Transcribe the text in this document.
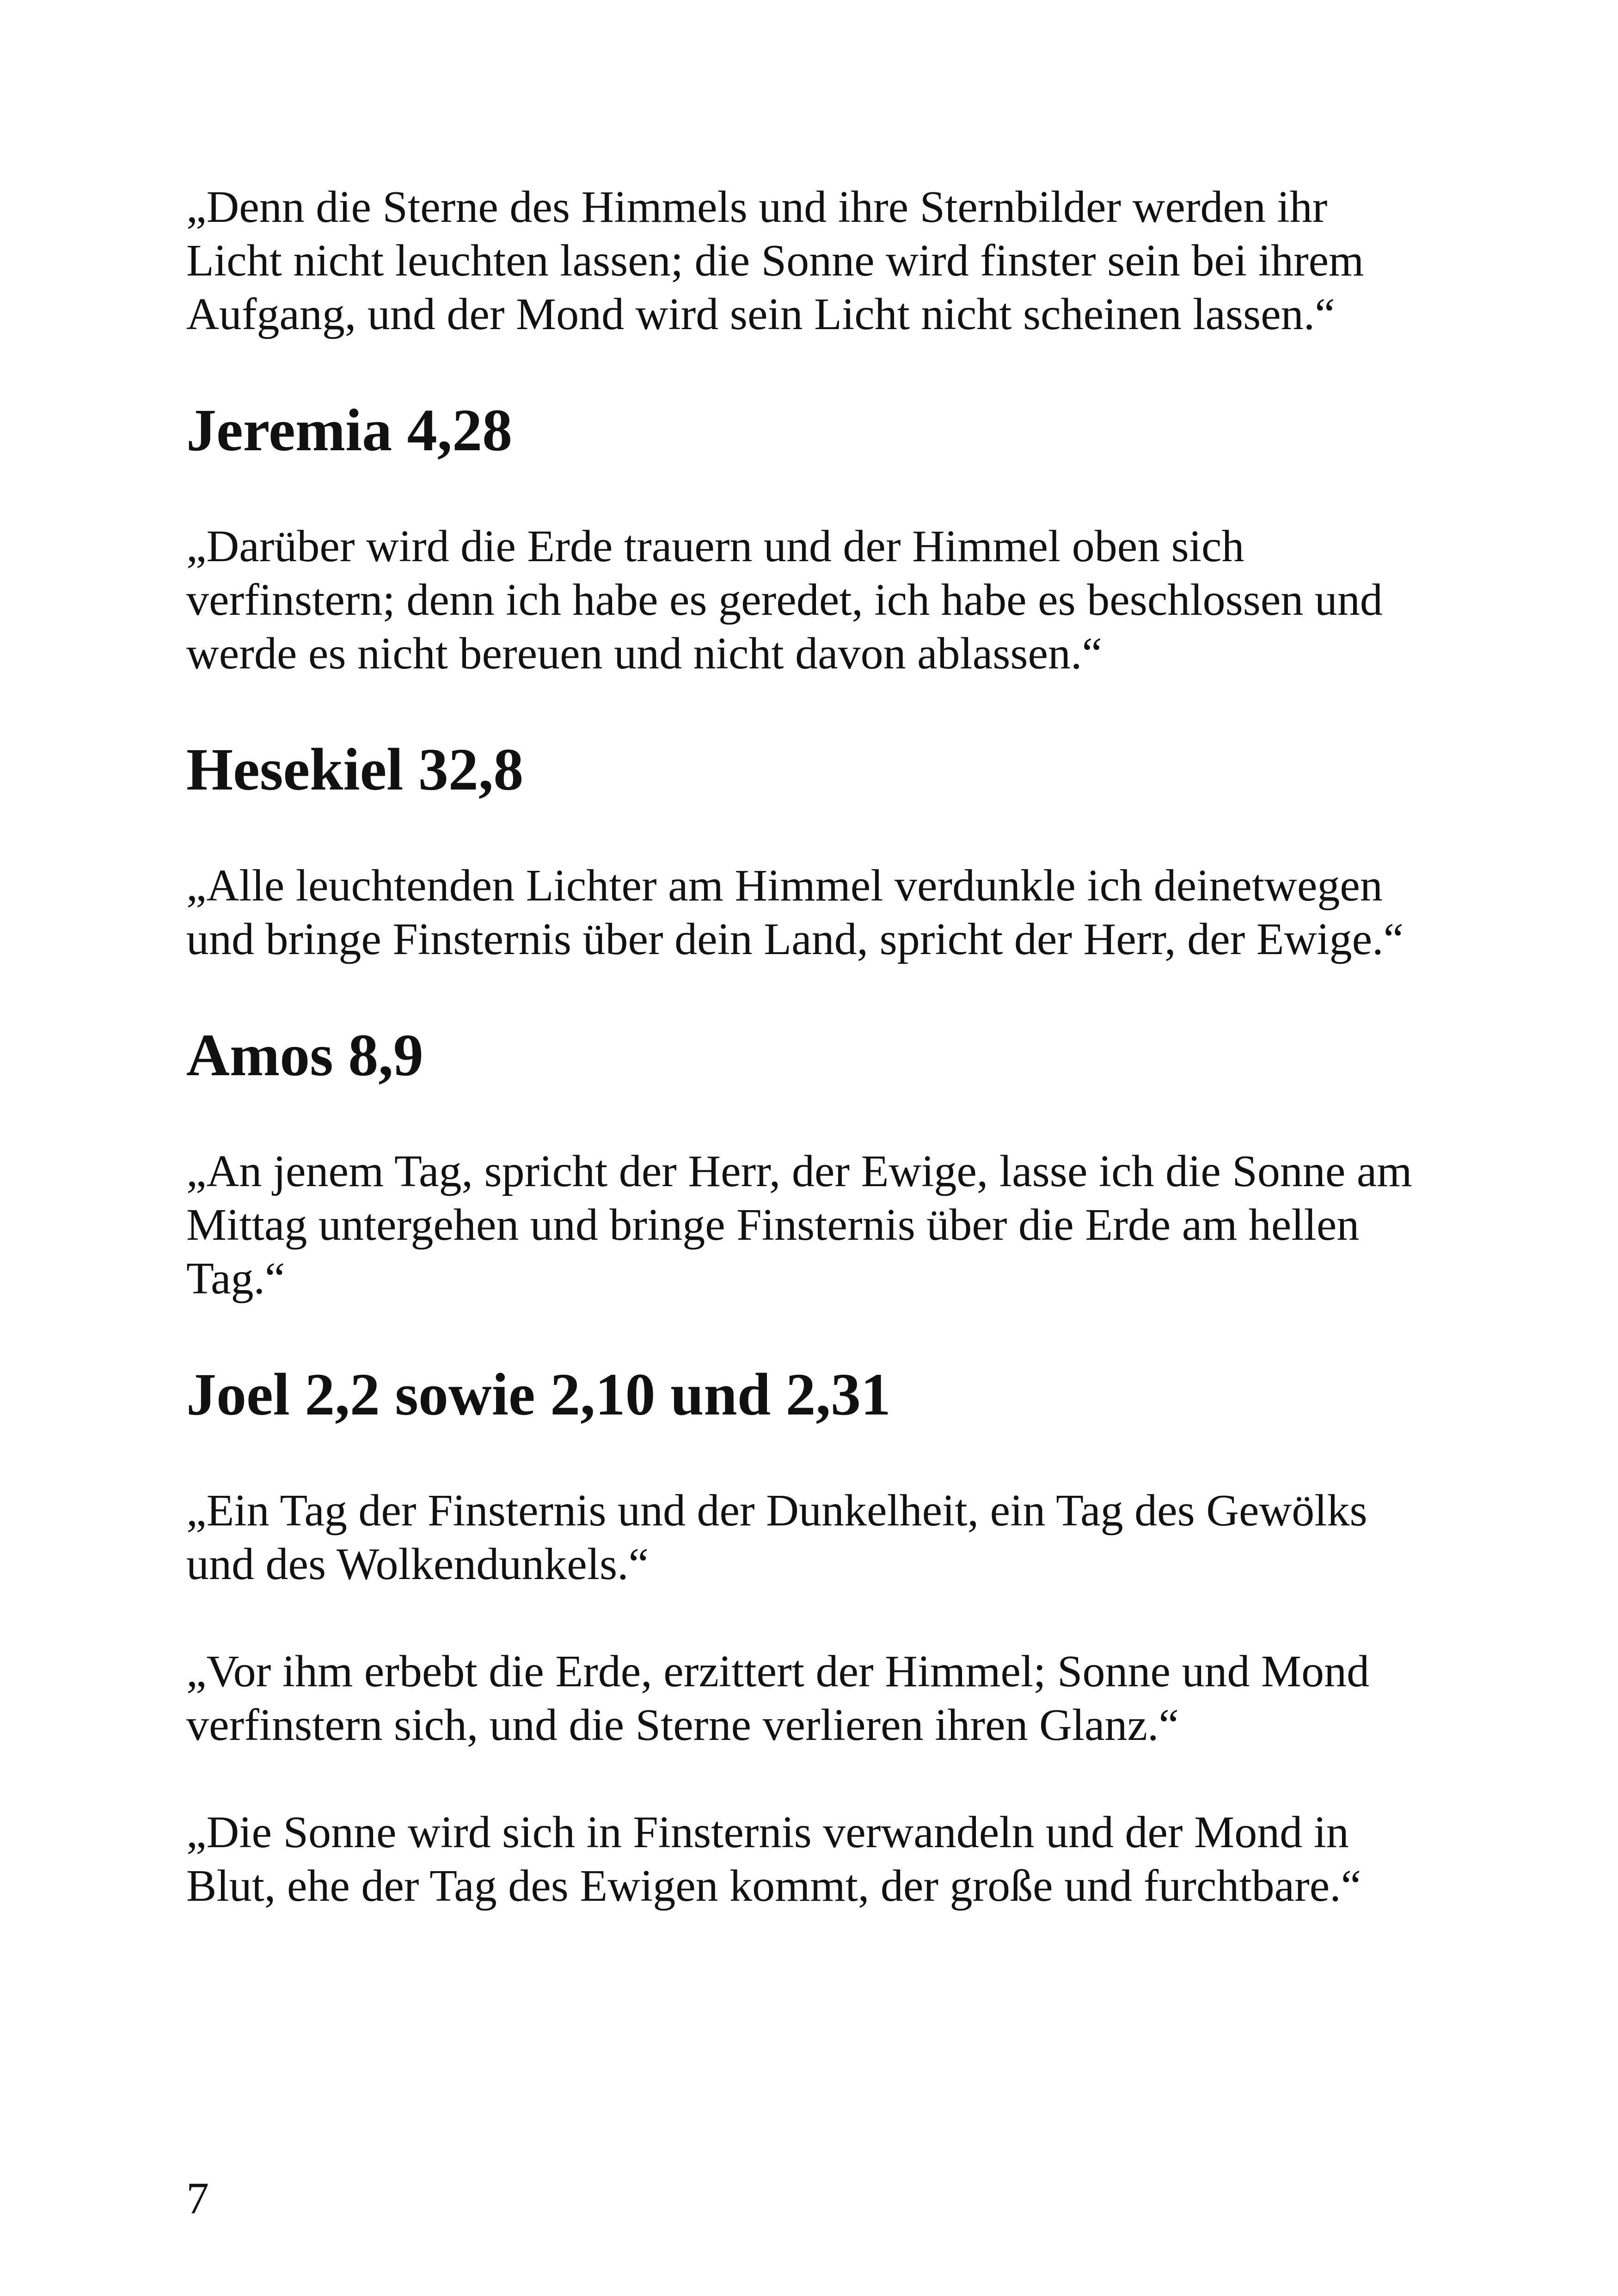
„Denn die Sterne des Himmels und ihre Sternbilder werden ihr
Licht nicht leuchten lassen; die Sonne wird finster sein bei ihrem
Aufgang, und der Mond wird sein Licht nicht scheinen lassen.“

Jeremia 4,28

„Darüber wird die Erde trauern und der Himmel oben sich
verfinstern; denn ich habe es geredet, ich habe es beschlossen und
werde es nicht bereuen und nicht davon ablassen.“

Hesekiel 32,8

„Alle leuchtenden Lichter am Himmel verdunkle ich deinetwegen
und bringe Finsternis über dein Land, spricht der Herr, der Ewige.“

Amos 8,9

„An jenem Tag, spricht der Herr, der Ewige, lasse ich die Sonne am
Mittag untergehen und bringe Finsternis über die Erde am hellen
Tag.“

Joel 2,2 sowie 2,10 und 2,31

„Ein Tag der Finsternis und der Dunkelheit, ein Tag des Gewölks
und des Wolkendunkels.“

„Vor ihm erbebt die Erde, erzittert der Himmel; Sonne und Mond
verfinstern sich, und die Sterne verlieren ihren Glanz.“

„Die Sonne wird sich in Finsternis verwandeln und der Mond in
Blut, ehe der Tag des Ewigen kommt, der große und furchtbare.“

7
